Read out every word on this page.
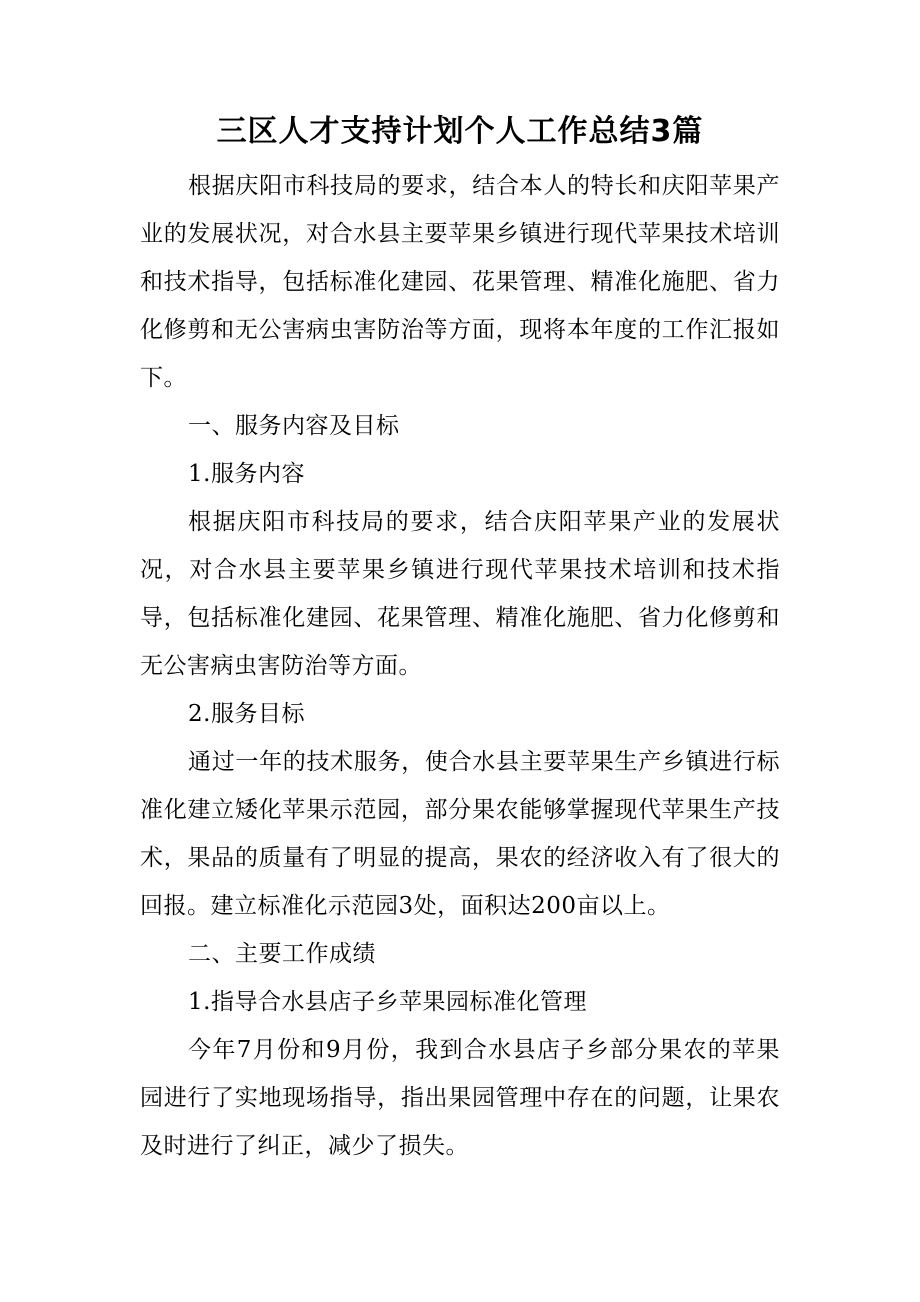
三区人才支持计划个人工作总结3篇

根据庆阳市科技局的要求，结合本人的特长和庆阳苹果产业的发展状况，对合水县主要苹果乡镇进行现代苹果技术培训和技术指导，包括标准化建园、花果管理、精准化施肥、省力化修剪和无公害病虫害防治等方面，现将本年度的工作汇报如下。

一、服务内容及目标

1.服务内容

根据庆阳市科技局的要求，结合庆阳苹果产业的发展状况，对合水县主要苹果乡镇进行现代苹果技术培训和技术指导，包括标准化建园、花果管理、精准化施肥、省力化修剪和无公害病虫害防治等方面。

2.服务目标

通过一年的技术服务，使合水县主要苹果生产乡镇进行标准化建立矮化苹果示范园，部分果农能够掌握现代苹果生产技术，果品的质量有了明显的提高，果农的经济收入有了很大的回报。建立标准化示范园3处，面积达200亩以上。

二、主要工作成绩

1.指导合水县店子乡苹果园标准化管理

今年7月份和9月份，我到合水县店子乡部分果农的苹果园进行了实地现场指导，指出果园管理中存在的问题，让果农及时进行了纠正，减少了损失。
